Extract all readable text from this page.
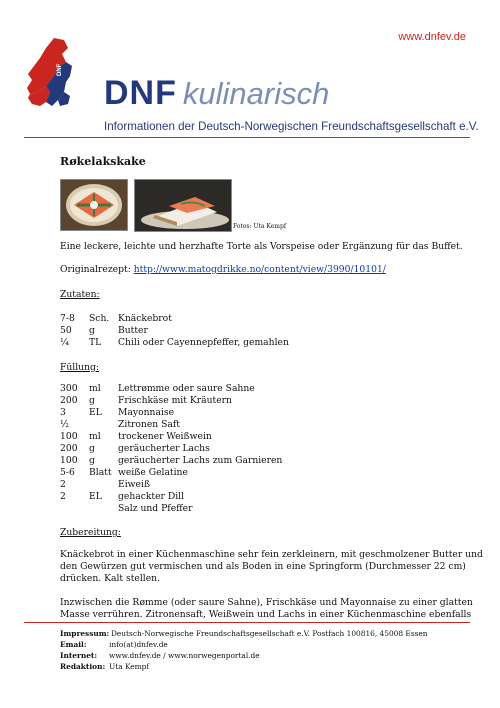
www.dnfev.de
DNF
DNF kulinarisch
Informationen der Deutsch-Norwegischen Freundschaftsgesellschaft e.V.
Røkelakskake
Fotos: Uta Kempf
Eine leckere, leichte und herzhafte Torte als Vorspeise oder Ergänzung für das Buffet.
Originalrezept: http://www.matogdrikke.no/content/view/3990/10101/
Zutaten:
7-8 Sch. Knäckebrot
50 g	Butter
¼ TL Chili oder Cayennepfeffer, gemahlen
Füllung:
300 ml Lettrømme oder saure Sahne
200 g	Frischkäse mit Kräutern
3	EL Mayonnaise
½	Zitronen Saft
100 ml trockener Weißwein
200 g	geräucherter Lachs
100 g	geräucherter Lachs zum Garnieren
5-6 Blatt weiße Gelatine
2	Eiweiß
2	EL gehackter Dill
Salz und Pfeffer
Zubereitung:
Knäckebrot in einer Küchenmaschine sehr fein zerkleinern, mit geschmolzener Butter und
den Gewürzen gut vermischen und als Boden in eine Springform (Durchmesser 22 cm)
drücken. Kalt stellen.
Inzwischen die Rømme (oder saure Sahne), Frischkäse und Mayonnaise zu einer glatten
Masse verrühren. Zitronensaft, Weißwein und Lachs in einer Küchenmaschine ebenfalls
Impressum: Deutsch-Norwegische Freundschaftsgesellschaft e.V. Postfach 100816, 45008 Essen
Email:	info(at)dnfev.de
Internet: www.dnfev.de / www.norwegenportal.de
Redaktion: Uta Kempf
